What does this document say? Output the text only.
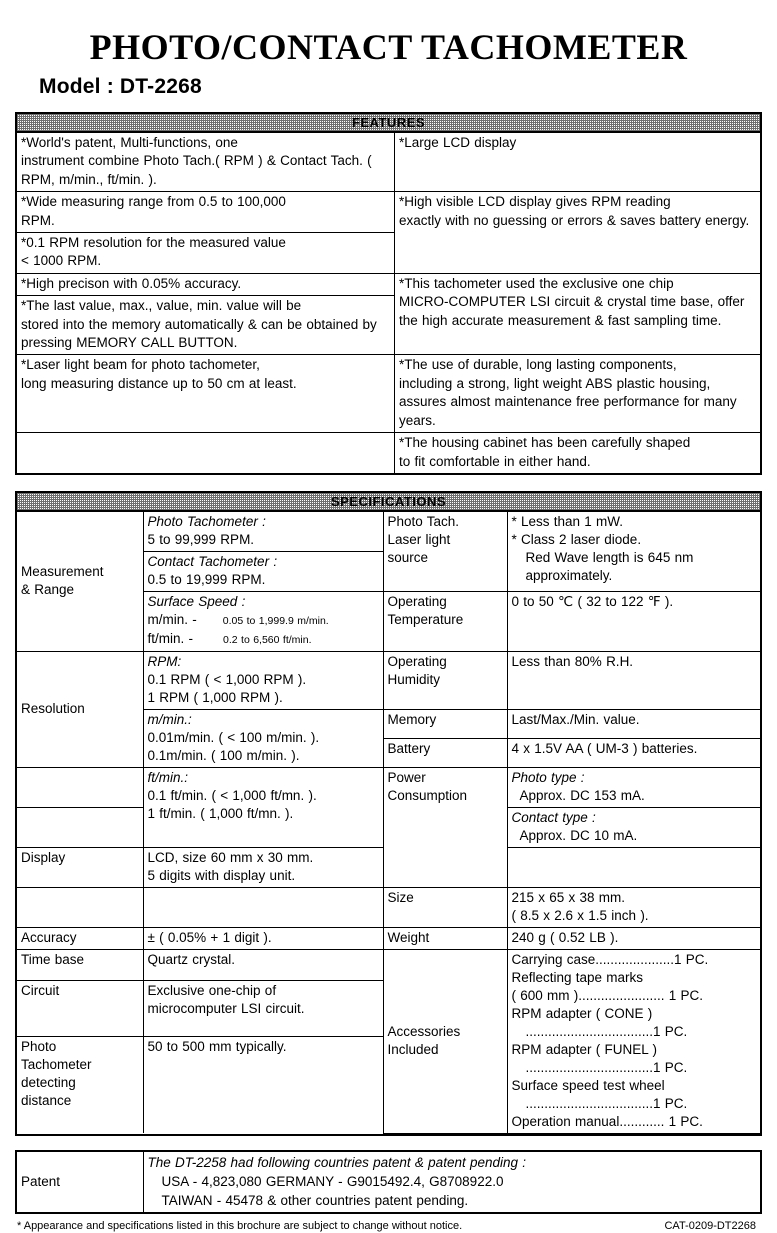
PHOTO/CONTACT TACHOMETER
Model : DT-2268
FEATURES
*World's patent, Multi-functions, one
instrument combine Photo Tach.( RPM ) & Contact Tach. ( RPM, m/min., ft/min. ).	*Large LCD display

*Wide measuring range from 0.5 to 100,000
RPM.	*High visible LCD display gives RPM reading
exactly with no guessing or errors & saves battery energy.

*0.1 RPM resolution for the measured value
< 1000 RPM.	

*High precison with 0.05% accuracy.	*This tachometer used the exclusive one chip
MICRO-COMPUTER LSI circuit & crystal time base, offer the high accurate measurement & fast sampling time.

*The last value, max., value, min. value will be
stored into the memory automatically & can be obtained by pressing MEMORY CALL BUTTON.	

*Laser light beam for photo tachometer,
long measuring distance up to 50 cm at least.	*The use of durable, long lasting components,
including a strong, light weight ABS plastic housing, assures almost maintenance free performance for many years.

	*The housing cabinet has been carefully shaped
to fit comfortable in either hand.
SPECIFICATIONS
Measurement
& Range	Photo Tachometer :
5 to 99,999 RPM.	Photo Tach.
Laser light
source	* Less than 1 mW.
* Class 2 laser diode.
Red Wave length is 645 nm
approximately.

	Contact Tachometer :
0.5 to 19,999 RPM.		
	Surface Speed :
m/min. - 0.05 to 1,999.9 m/min.
ft/min. - 0.2 to 6,560 ft/min.	Operating
Temperature	0 to 50 ℃ ( 32 to 122 ℉ ).
Resolution	RPM:
0.1 RPM ( < 1,000 RPM ).
1 RPM ( 1,000 RPM ).	Operating
Humidity	Less than 80% R.H.
	m/min.:
0.01m/min. ( < 100 m/min. ).
0.1m/min. ( 100 m/min. ).	Memory	Last/Max./Min. value.
		Battery	4 x 1.5V AA ( UM-3 ) batteries.
	ft/min.:
0.1 ft/min. ( < 1,000 ft/mn. ).
1 ft/min. ( 1,000 ft/mn. ).	Power
Consumption	Photo type :
Approx. DC 153 mA.

			Contact type :
Approx. DC 10 mA.

Display	LCD, size 60 mm x 30 mm.
5 digits with display unit.		
		Size	215 x 65 x 38 mm.
( 8.5 x 2.6 x 1.5 inch ).
Accuracy	± ( 0.05% + 1 digit ).	Weight	240 g ( 0.52 LB ).
Time base	Quartz crystal.	Accessories
Included	Carrying case.....................1 PC.
Reflecting tape marks
( 600 mm )....................... 1 PC.
RPM adapter ( CONE )
..................................1 PC.
RPM adapter ( FUNEL )
..................................1 PC.
Surface speed test wheel
..................................1 PC.
Operation manual............ 1 PC.
Circuit	Exclusive one-chip of
microcomputer LSI circuit.		
Photo
Tachometer
detecting
distance	50 to 500 mm typically.		

Patent	The DT-2258 had following countries patent & patent pending :
USA - 4,823,080 GERMANY - G9015492.4, G8708922.0
TAIWAN - 45478 & other countries patent pending.
* Appearance and specifications listed in this brochure are subject to change without notice.	CAT-0209-DT2268
